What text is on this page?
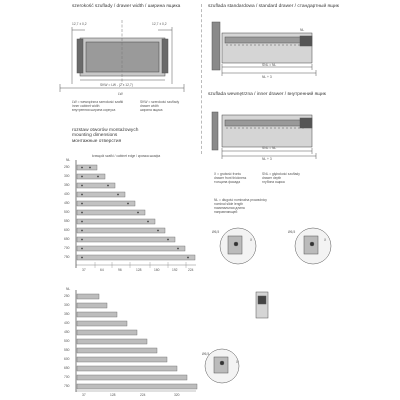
szerokość szuflady / drawer width / ширина ящика
12,7 ± 0,2	12,7 ± 0,2
SKW = LW - (2 x 12,7)
LW
szuflada standardowa / standard drawer / стандартный ящик
NL
SNL = NL
NL + 3
szuflada wewnętrzna / inner drawer / внутренний ящик
SNL = NL
NL + 3
LW = wewnętrzna szerokość szafki
inner cabinet width
внутренняя ширина корпуса
SKW = szerokość szuflady
drawer width
ширина ящика
rozstaw otworów montażowych
mounting dimensions
монтажные отверстия
krawędź szafki / cabinet edge / кромка шкафа
X = grubość frontu
drawer front thickness
толщина фасада
SNL = głębokość szuflady
drawer depth
глубина ящика
NL = długość nominalna prowadnicy
nominal slide length
номинальная длина
направляющей
NL
250
300
350
400
450
500
550
600
650
700
750
37	64	96	128	160	192	224
NL
250
300
350
400
450
500
550
600
650
700
750
37	128	224	320
Ø6,5
X
Ø6,5
X
Ø6,5
X
